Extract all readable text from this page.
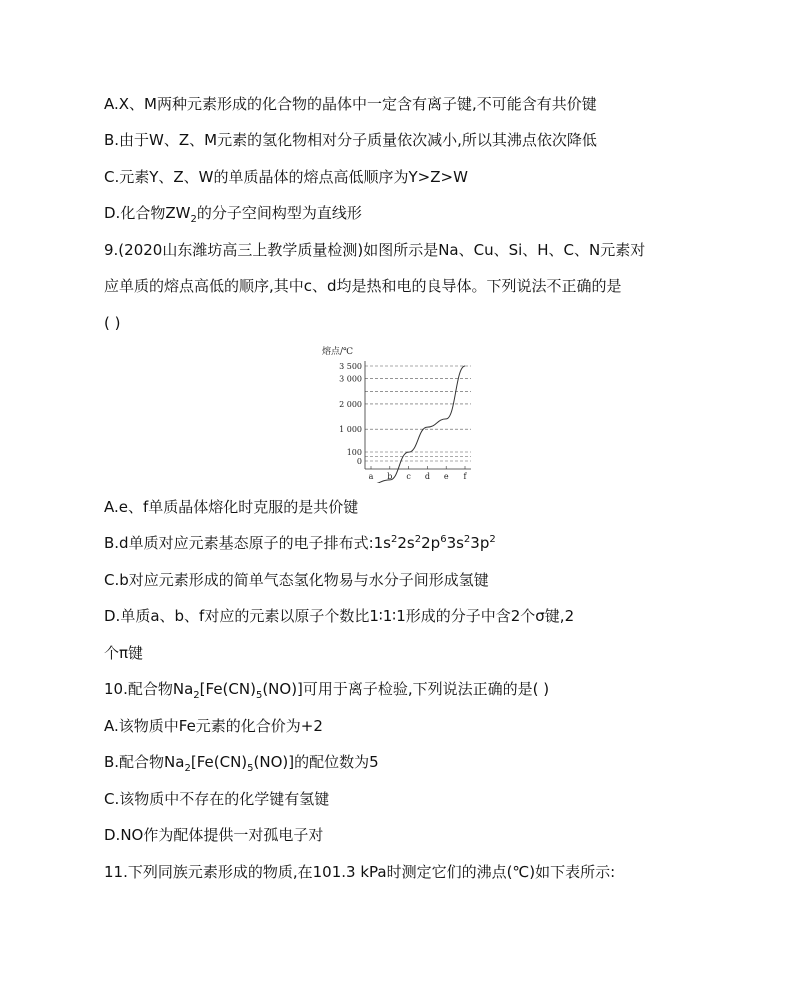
A.X、M两种元素形成的化合物的晶体中一定含有离子键,不可能含有共价键
B.由于W、Z、M元素的氢化物相对分子质量依次减小,所以其沸点依次降低
C.元素Y、Z、W的单质晶体的熔点高低顺序为Y>Z>W
D.化合物$ZW_2$的分子空间构型为直线形
9.(2020山东潍坊高三上教学质量检测)如图所示是Na、Cu、Si、H、C、N元素对
应单质的熔点高低的顺序,其中c、d均是热和电的良导体。下列说法不正确的是
( )
熔点/℃
3 500
3 000
2 000
1 000
100
0
a b c d e f
A.e、f单质晶体熔化时克服的是共价键
B.d单质对应元素基态原子的电子排布式$:1s^22s^22p^63s^23p^2$
C.b对应元素形成的简单气态氢化物易与水分子间形成氢键
D.单质a、b、f对应的元素以原子个数比1∶1∶1形成的分子中含2个σ键,2
个π键
10.配合物$Na_2[Fe(CN)_5(NO)]$可用于离子检验,下列说法正确的是( )
A.该物质中Fe元素的化合价为+2
B.配合物$Na_2[Fe(CN)_5(NO)]$的配位数为5
C.该物质中不存在的化学键有氢键
D.NO作为配体提供一对孤电子对
11.下列同族元素形成的物质,在101.3 kPa时测定它们的沸点(℃)如下表所示:
